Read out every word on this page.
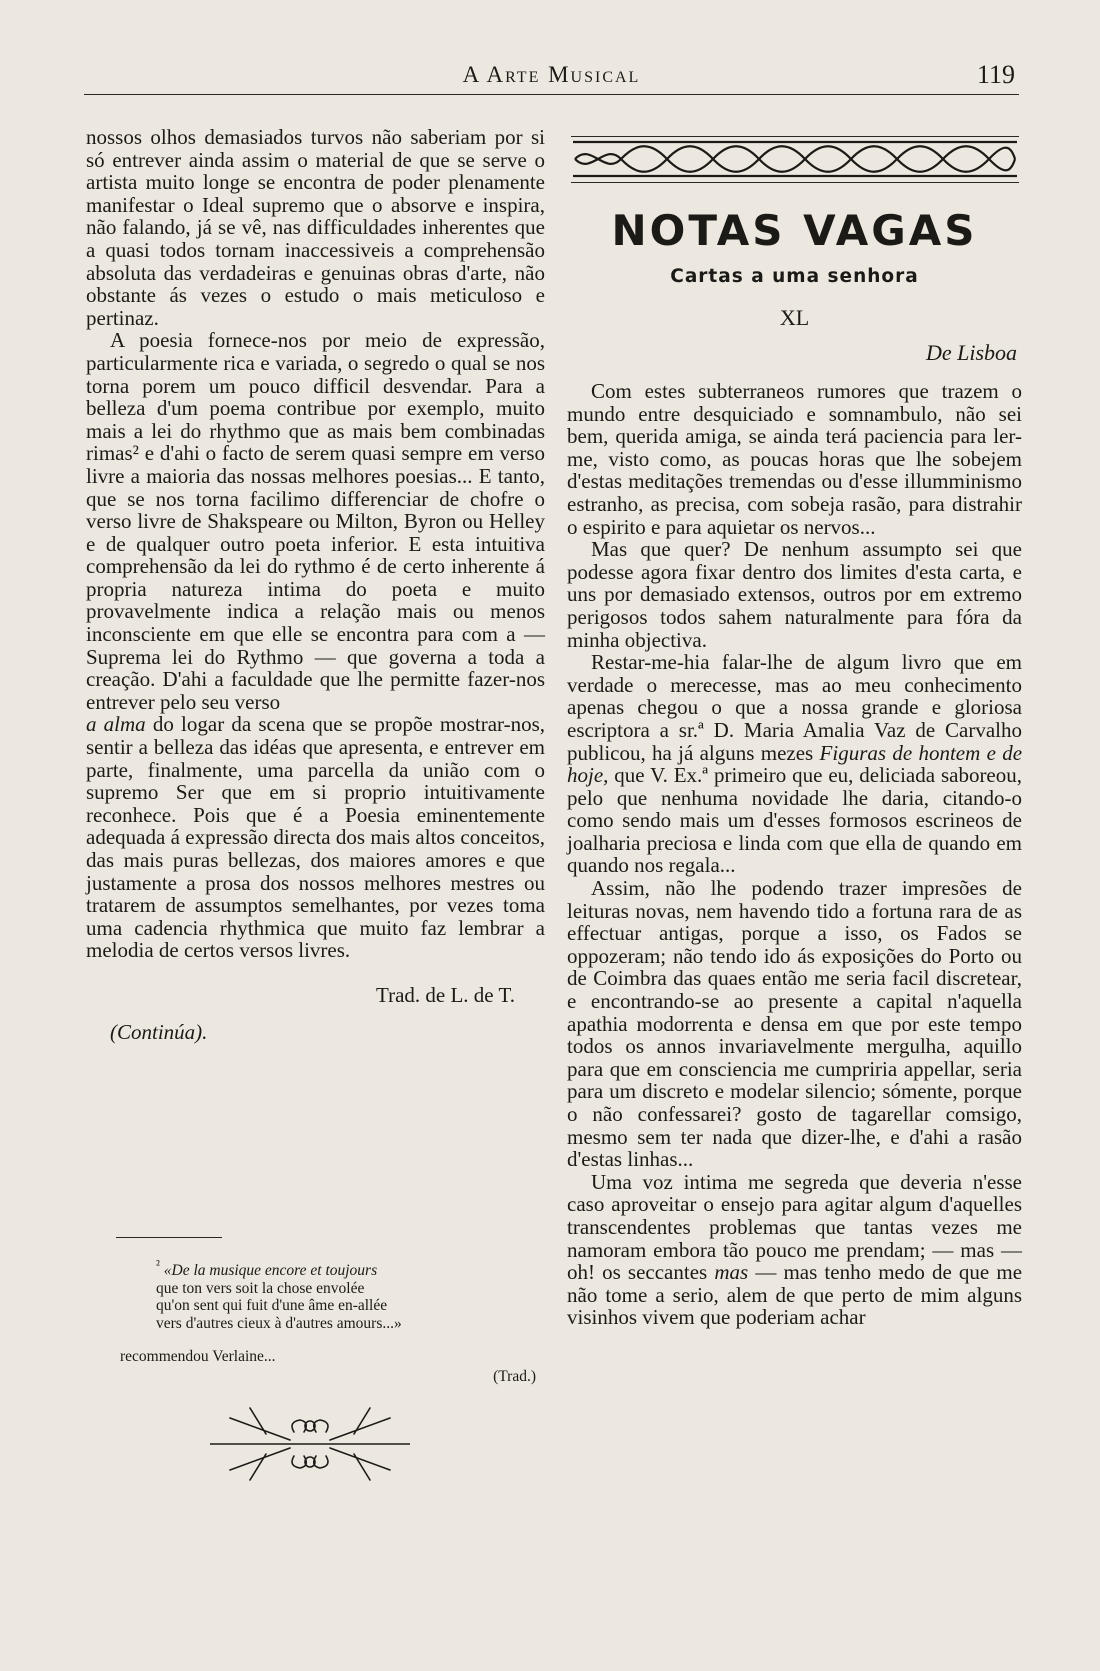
A Arte Musical	119

nossos olhos demasiados turvos não saberiam por si só entrever ainda assim o material de que se serve o artista muito longe se encontra de poder plenamente manifestar o Ideal supremo que o absorve e inspira, não falando, já se vê, nas difficuldades inherentes que a quasi todos tornam inaccessiveis a comprehensão absoluta das verdadeiras e genuinas obras d'arte, não obstante ás vezes o estudo o mais meticuloso e pertinaz.

A poesia fornece-nos por meio de expressão, particularmente rica e variada, o segredo o qual se nos torna porem um pouco difficil desvendar. Para a belleza d'um poema contribue por exemplo, muito mais a lei do rhythmo que as mais bem combinadas rimas² e d'ahi o facto de serem quasi sempre em verso livre a maioria das nossas melhores poesias... E tanto, que se nos torna facilimo differenciar de chofre o verso livre de Shakspeare ou Milton, Byron ou Helley e de qualquer outro poeta inferior. E esta intuitiva comprehensão da lei do rythmo é de certo inherente á propria natureza intima do poeta e muito provavelmente indica a relação mais ou menos inconsciente em que elle se encontra para com a — Suprema lei do Rythmo — que governa a toda a creação. D'ahi a faculdade que lhe permitte fazer-nos entrever pelo seu verso

a alma do logar da scena que se propõe mostrar-nos, sentir a belleza das idéas que apresenta, e entrever em parte, finalmente, uma parcella da união com o supremo Ser que em si proprio intuitivamente reconhece. Pois que é a Poesia eminentemente adequada á expressão directa dos mais altos conceitos, das mais puras bellezas, dos maiores amores e que justamente a prosa dos nossos melhores mestres ou tratarem de assumptos semelhantes, por vezes toma uma cadencia rhythmica que muito faz lembrar a melodia de certos versos livres.

Trad. de L. de T.

(Continúa).

$^{^2}$ «De la musique encore et toujours
que ton vers soit la chose envolée
qu'on sent qui fuit d'une âme en-allée
vers d'autres cieux à d'autres amours...»
recommendou Verlaine...
(Trad.)
NOTAS VAGAS
Cartas a uma senhora
XL
De Lisboa

Com estes subterraneos rumores que trazem o mundo entre desquiciado e somnambulo, não sei bem, querida amiga, se ainda terá paciencia para ler-me, visto como, as poucas horas que lhe sobejem d'estas meditações tremendas ou d'esse illumminismo estranho, as precisa, com sobeja rasão, para distrahir o espirito e para aquietar os nervos...

Mas que quer? De nenhum assumpto sei que podesse agora fixar dentro dos limites d'esta carta, e uns por demasiado extensos, outros por em extremo perigosos todos sahem naturalmente para fóra da minha objectiva.

Restar-me-hia falar-lhe de algum livro que em verdade o merecesse, mas ao meu conhecimento apenas chegou o que a nossa grande e gloriosa escriptora a sr.ª D. Maria Amalia Vaz de Carvalho publicou, ha já alguns mezes Figuras de hontem e de hoje, que V. Ex.ª primeiro que eu, deliciada saboreou, pelo que nenhuma novidade lhe daria, citando-o como sendo mais um d'esses formosos escrineos de joalharia preciosa e linda com que ella de quando em quando nos regala...

Assim, não lhe podendo trazer impresões de leituras novas, nem havendo tido a fortuna rara de as effectuar antigas, porque a isso, os Fados se oppozeram; não tendo ido ás exposições do Porto ou de Coimbra das quaes então me seria facil discretear, e encontrando-se ao presente a capital n'aquella apathia modorrenta e densa em que por este tempo todos os annos invariavelmente mergulha, aquillo para que em consciencia me cumpriria appellar, seria para um discreto e modelar silencio; sómente, porque o não confessarei? gosto de tagarellar comsigo, mesmo sem ter nada que dizer-lhe, e d'ahi a rasão d'estas linhas...

Uma voz intima me segreda que deveria n'esse caso aproveitar o ensejo para agitar algum d'aquelles transcendentes problemas que tantas vezes me namoram embora tão pouco me prendam; — mas — oh! os seccantes mas — mas tenho medo de que me não tome a serio, alem de que perto de mim alguns visinhos vivem que poderiam achar
